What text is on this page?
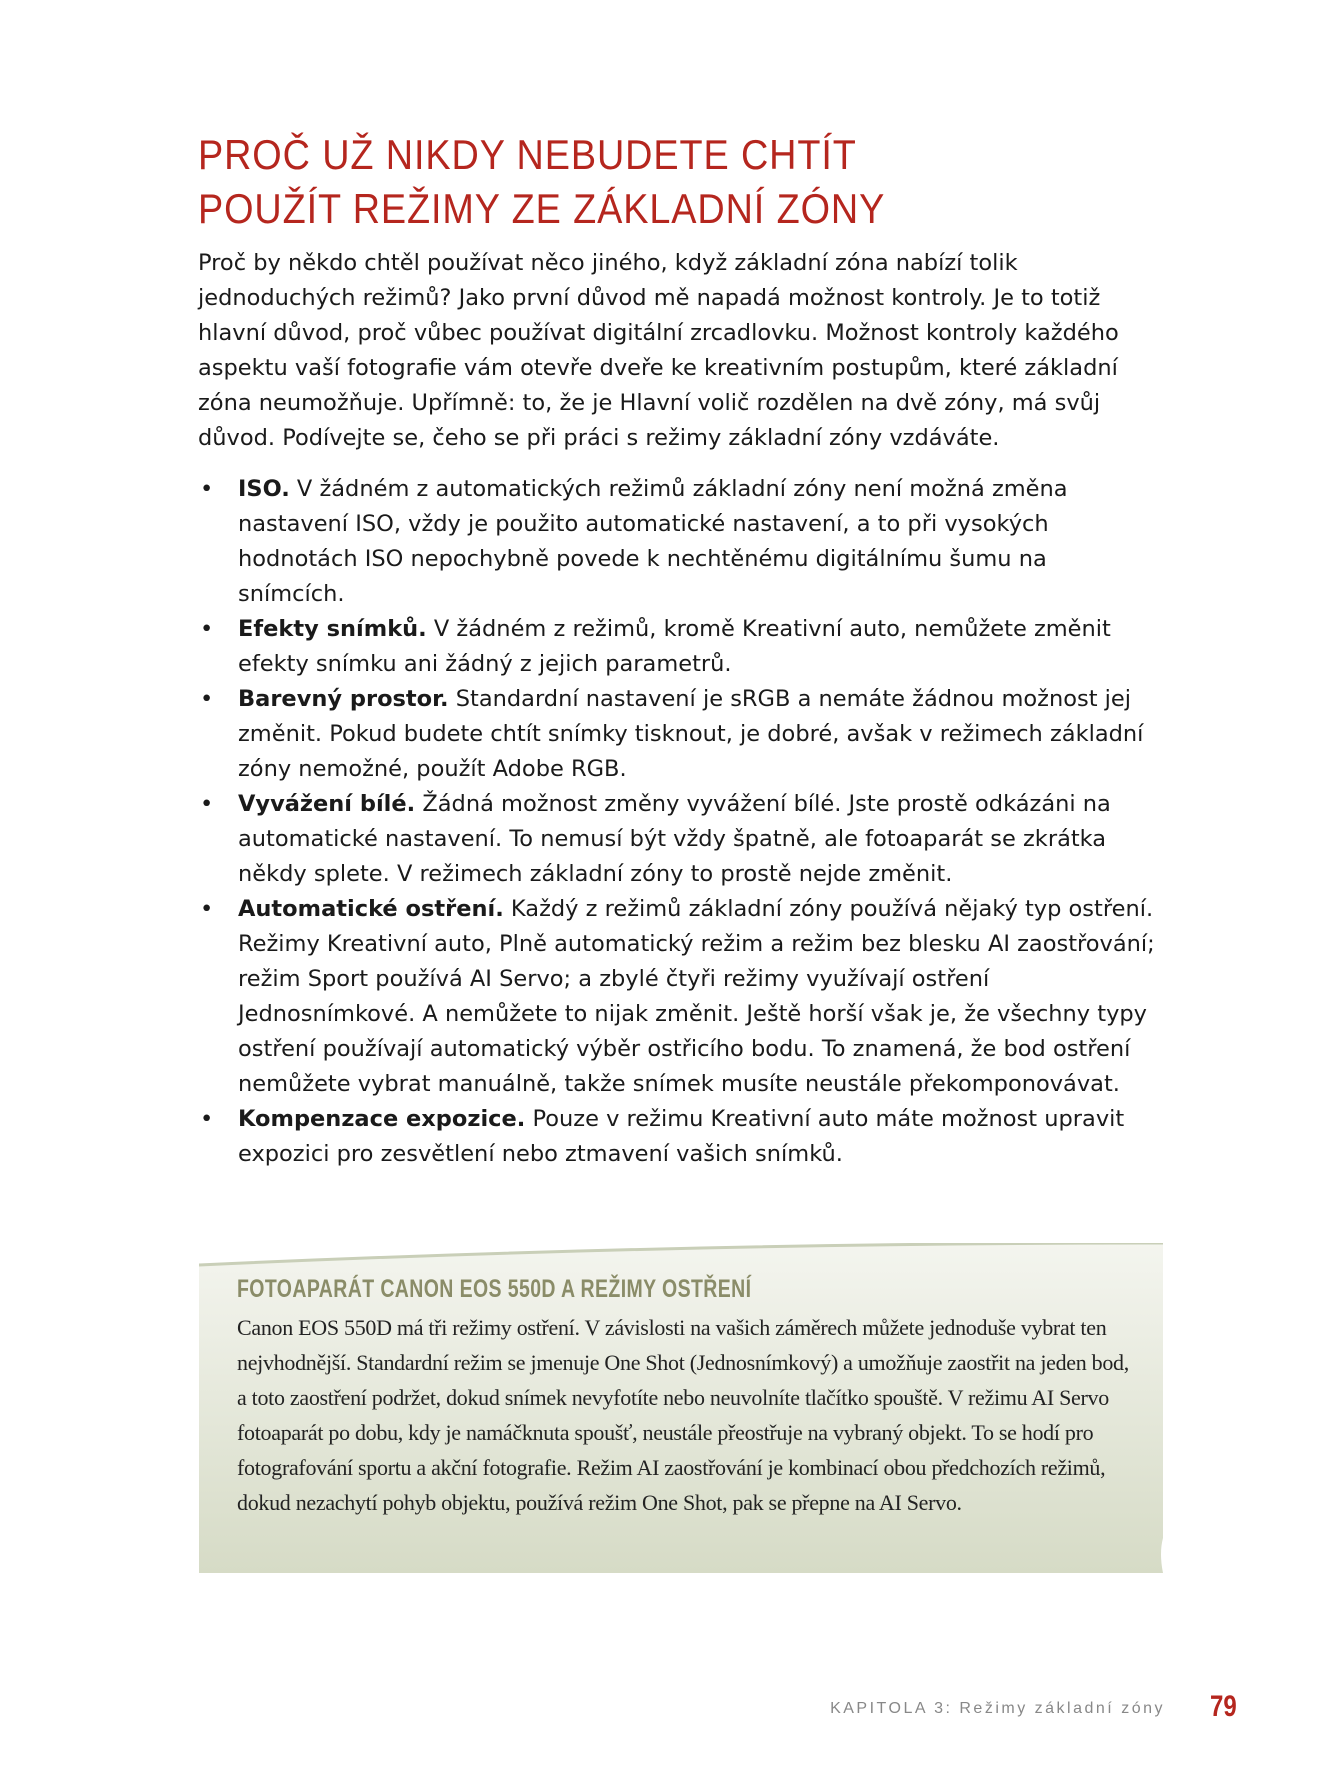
PROČ UŽ NIKDY NEBUDETE CHTÍT
POUŽÍT REŽIMY ZE ZÁKLADNÍ ZÓNY

Proč by někdo chtěl používat něco jiného, když základní zóna nabízí tolik jednoduchých režimů? Jako první důvod mě napadá možnost kontroly. Je to totiž hlavní důvod, proč vůbec používat digitální zrcadlovku. Možnost kontroly každého aspektu vaší fotografie vám otevře dveře ke kreativním postupům, které základní zóna neumožňuje. Upřímně: to, že je Hlavní volič rozdělen na dvě zóny, má svůj důvod. Podívejte se, čeho se při práci s režimy základní zóny vzdáváte.

• ISO. V žádném z automatických režimů základní zóny není možná změna nastavení ISO, vždy je použito automatické nastavení, a to při vysokých hodnotách ISO nepochybně povede k nechtěnému digitálnímu šumu na snímcích.
• Efekty snímků. V žádném z režimů, kromě Kreativní auto, nemůžete změnit efekty snímku ani žádný z jejich parametrů.
• Barevný prostor. Standardní nastavení je sRGB a nemáte žádnou možnost jej změnit. Pokud budete chtít snímky tisknout, je dobré, avšak v režimech základní zóny nemožné, použít Adobe RGB.
• Vyvážení bílé. Žádná možnost změny vyvážení bílé. Jste prostě odkázáni na automatické nastavení. To nemusí být vždy špatně, ale fotoaparát se zkrátka někdy splete. V režimech základní zóny to prostě nejde změnit.
• Automatické ostření. Každý z režimů základní zóny používá nějaký typ ostření. Režimy Kreativní auto, Plně automatický režim a režim bez blesku AI zaostřování; režim Sport používá AI Servo; a zbylé čtyři režimy využívají ostření Jednosnímkové. A nemůžete to nijak změnit. Ještě horší však je, že všechny typy ostření používají automatický výběr ostřicího bodu. To znamená, že bod ostření nemůžete vybrat manuálně, takže snímek musíte neustále překomponovávat.
• Kompenzace expozice. Pouze v režimu Kreativní auto máte možnost upravit expozici pro zesvětlení nebo ztmavení vašich snímků.
FOTOAPARÁT CANON EOS 550D A REŽIMY OSTŘENÍ
Canon EOS 550D má tři režimy ostření. V závislosti na vašich záměrech můžete jednoduše vybrat ten nejvhodnější. Standardní režim se jmenuje One Shot (Jednosnímkový) a umožňuje zaostřit na jeden bod, a toto zaostření podržet, dokud snímek nevyfotíte nebo neuvolníte tlačítko spouště. V režimu AI Servo fotoaparát po dobu, kdy je namáčknuta spoušť, neustále přeostřuje na vybraný objekt. To se hodí pro fotografování sportu a akční fotografie. Režim AI zaostřování je kombinací obou předchozích režimů, dokud nezachytí pohyb objektu, používá režim One Shot, pak se přepne na AI Servo.
KAPITOLA 3: Režimy základní zóny 79
